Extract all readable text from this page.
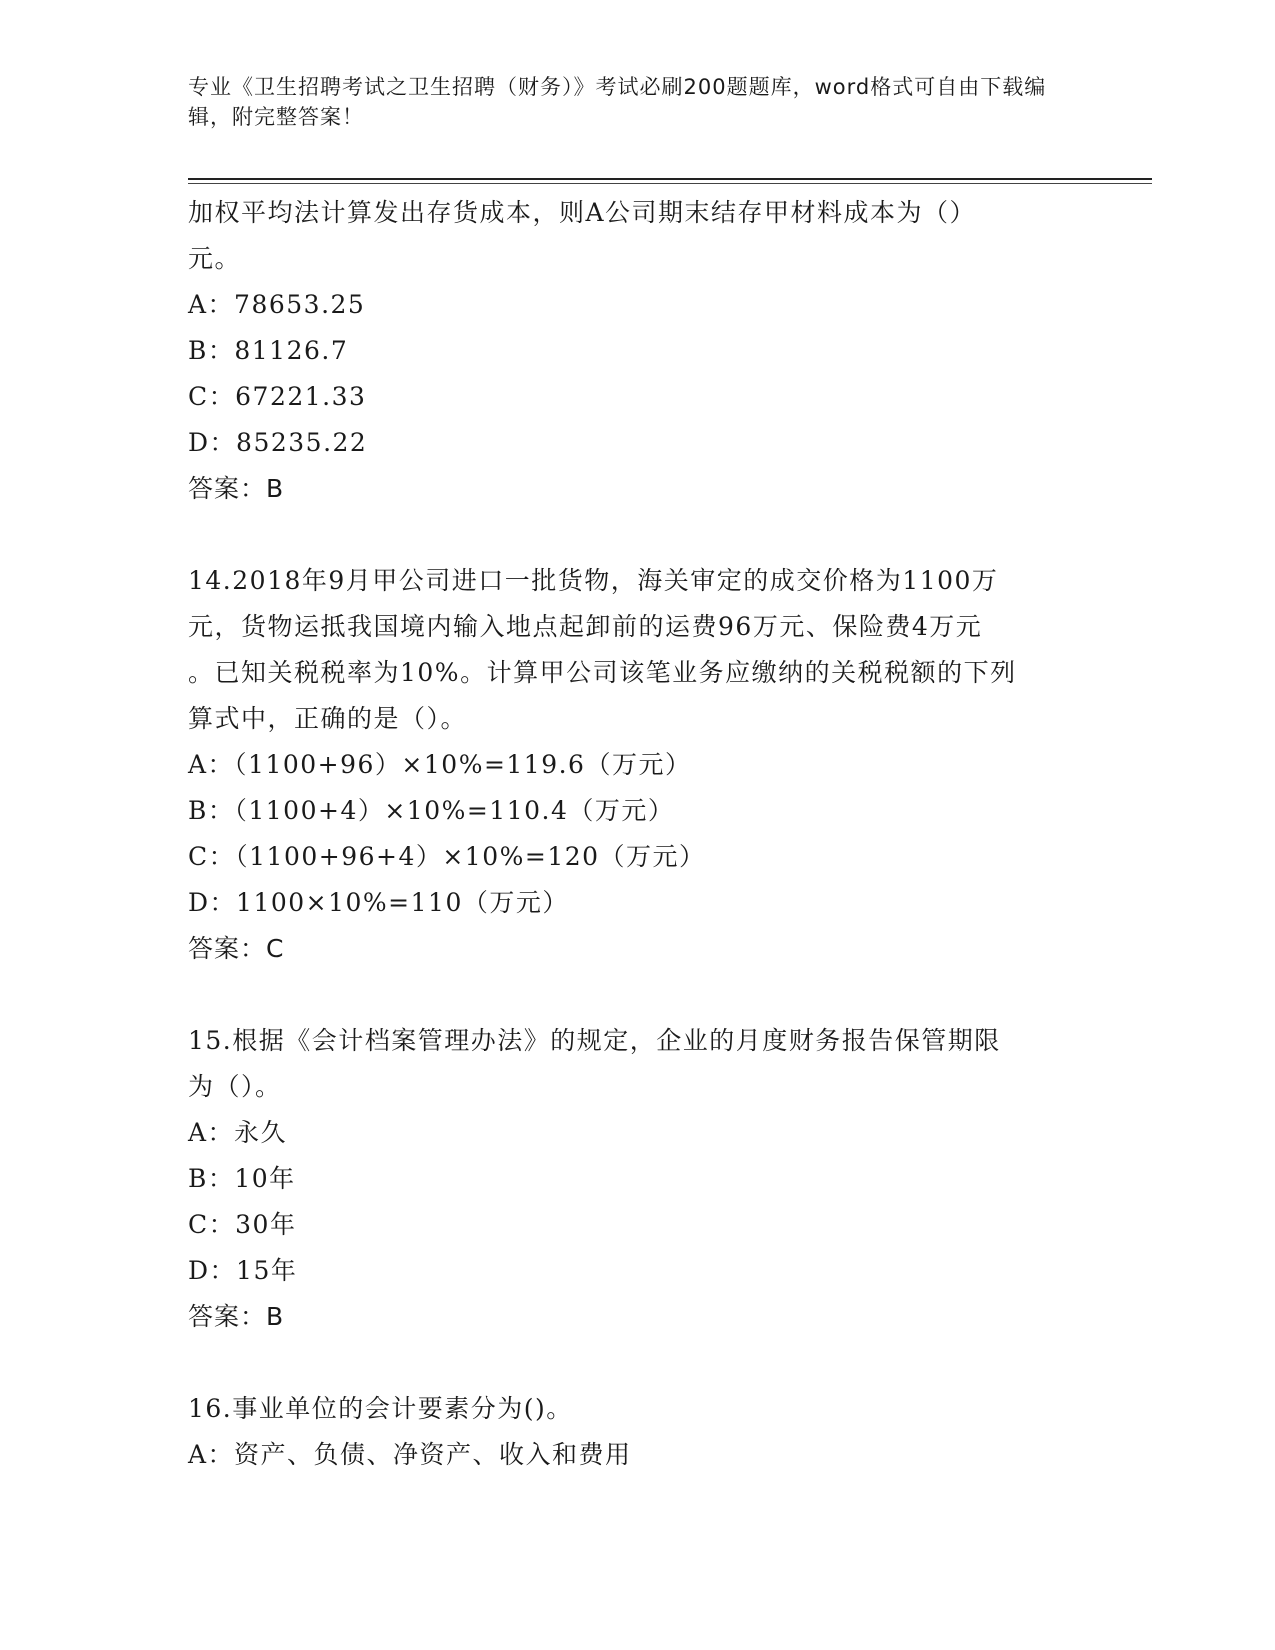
专业《卫生招聘考试之卫生招聘（财务）》考试必刷200题题库，word格式可自由下载编辑，附完整答案！
加权平均法计算发出存货成本，则A公司期末结存甲材料成本为（）
元。
A：78653.25
B：81126.7
C：67221.33
D：85235.22
答案：B
14.2018年9月甲公司进口一批货物，海关审定的成交价格为1100万
元，货物运抵我国境内输入地点起卸前的运费96万元、保险费4万元
。已知关税税率为10%。计算甲公司该笔业务应缴纳的关税税额的下列
算式中，正确的是（）。
A：（1100+96）×10%=119.6（万元）
B：（1100+4）×10%=110.4（万元）
C：（1100+96+4）×10%=120（万元）
D：1100×10%=110（万元）
答案：C
15.根据《会计档案管理办法》的规定，企业的月度财务报告保管期限
为（）。
A：永久
B：10年
C：30年
D：15年
答案：B
16.事业单位的会计要素分为()。
A：资产、负债、净资产、收入和费用
